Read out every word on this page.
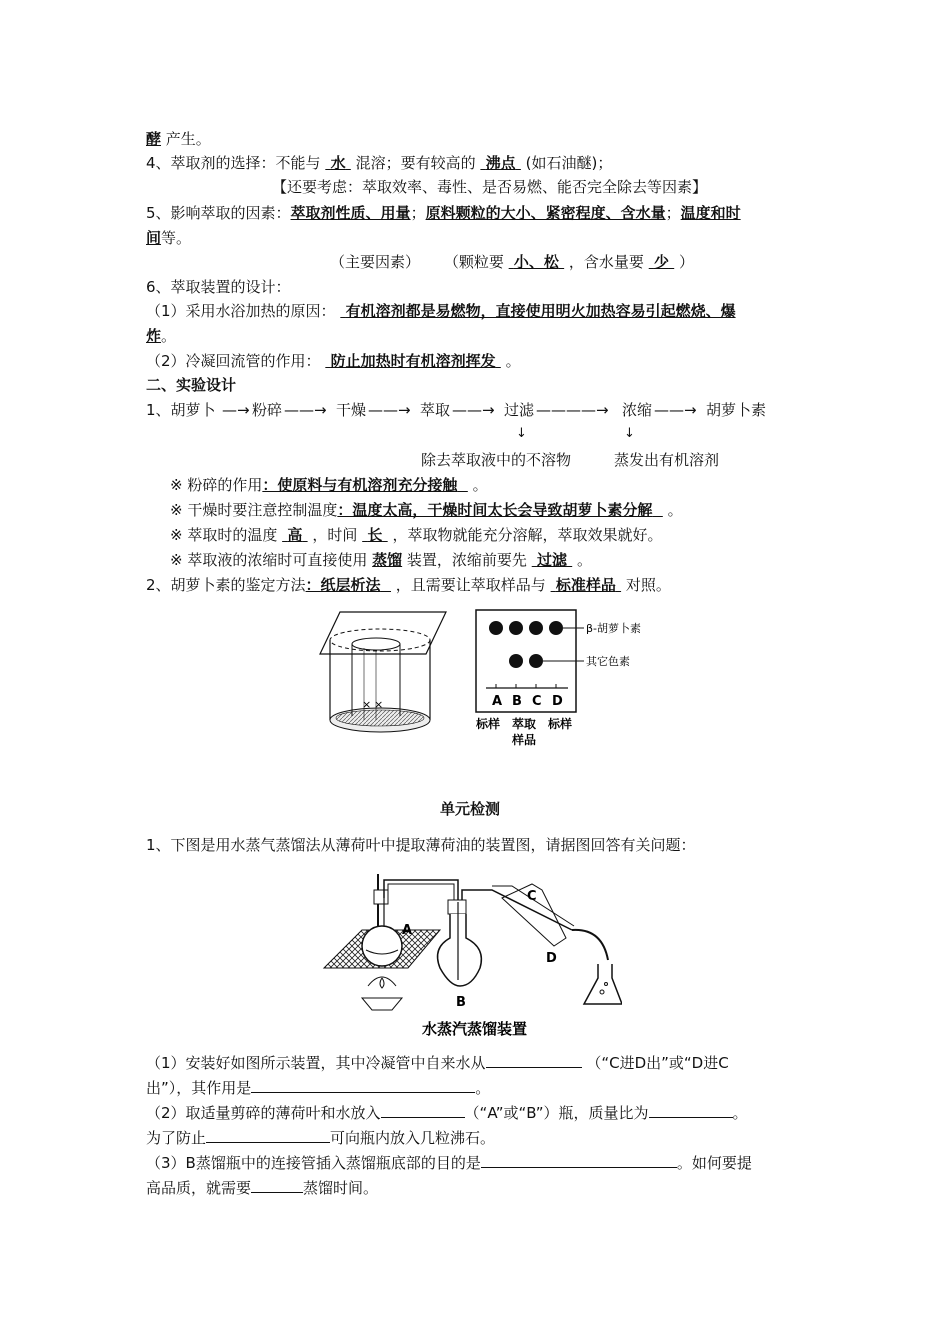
酵 产生。
4、萃取剂的选择：不能与 水 混溶；要有较高的 沸点 (如石油醚)；
【还要考虑：萃取效率、毒性、是否易燃、能否完全除去等因素】
5、影响萃取的因素：萃取剂性质、用量；原料颗粒的大小、紧密程度、含水量；温度和时
间等。
（主要因素） （颗粒要 小、松 ，含水量要 少 ）
6、萃取装置的设计：
（1）采用水浴加热的原因： 有机溶剂都是易燃物，直接使用明火加热容易引起燃烧、爆
炸。
（2）冷凝回流管的作用： 防止加热时有机溶剂挥发 。
二、实验设计
1、胡萝卜 —→ 粉碎 ——→ 干燥 ——→ 萃取 ——→ 过滤 ————→ 浓缩 ——→ 胡萝卜素
↓	↓
除去萃取液中的不溶物	蒸发出有机溶剂
※ 粉碎的作用：使原料与有机溶剂充分接触 。
※ 干燥时要注意控制温度：温度太高，干燥时间太长会导致胡萝卜素分解 。
※ 萃取时的温度 高 ，时间 长 ，萃取物就能充分溶解，萃取效果就好。
※ 萃取液的浓缩时可直接使用 蒸馏 装置，浓缩前要先 过滤 。
2、胡萝卜素的鉴定方法：纸层析法 ，且需要让萃取样品与 标准样品 对照。
× ×
β-胡萝卜素
其它色素
A B C D
标样 萃取
样品
标样
单元检测
1、下图是用水蒸气蒸馏法从薄荷叶中提取薄荷油的装置图，请据图回答有关问题：
A
B
C
D
水蒸汽蒸馏装置
（1）安装好如图所示装置，其中冷凝管中自来水从	（“C进D出”或“D进C
出”），其作用是	。
（2）取适量剪碎的薄荷叶和水放入	（“A”或“B”）瓶，质量比为	。
为了防止	可向瓶内放入几粒沸石。
（3）B蒸馏瓶中的连接管插入蒸馏瓶底部的目的是	。如何要提
高品质，就需要	蒸馏时间。
